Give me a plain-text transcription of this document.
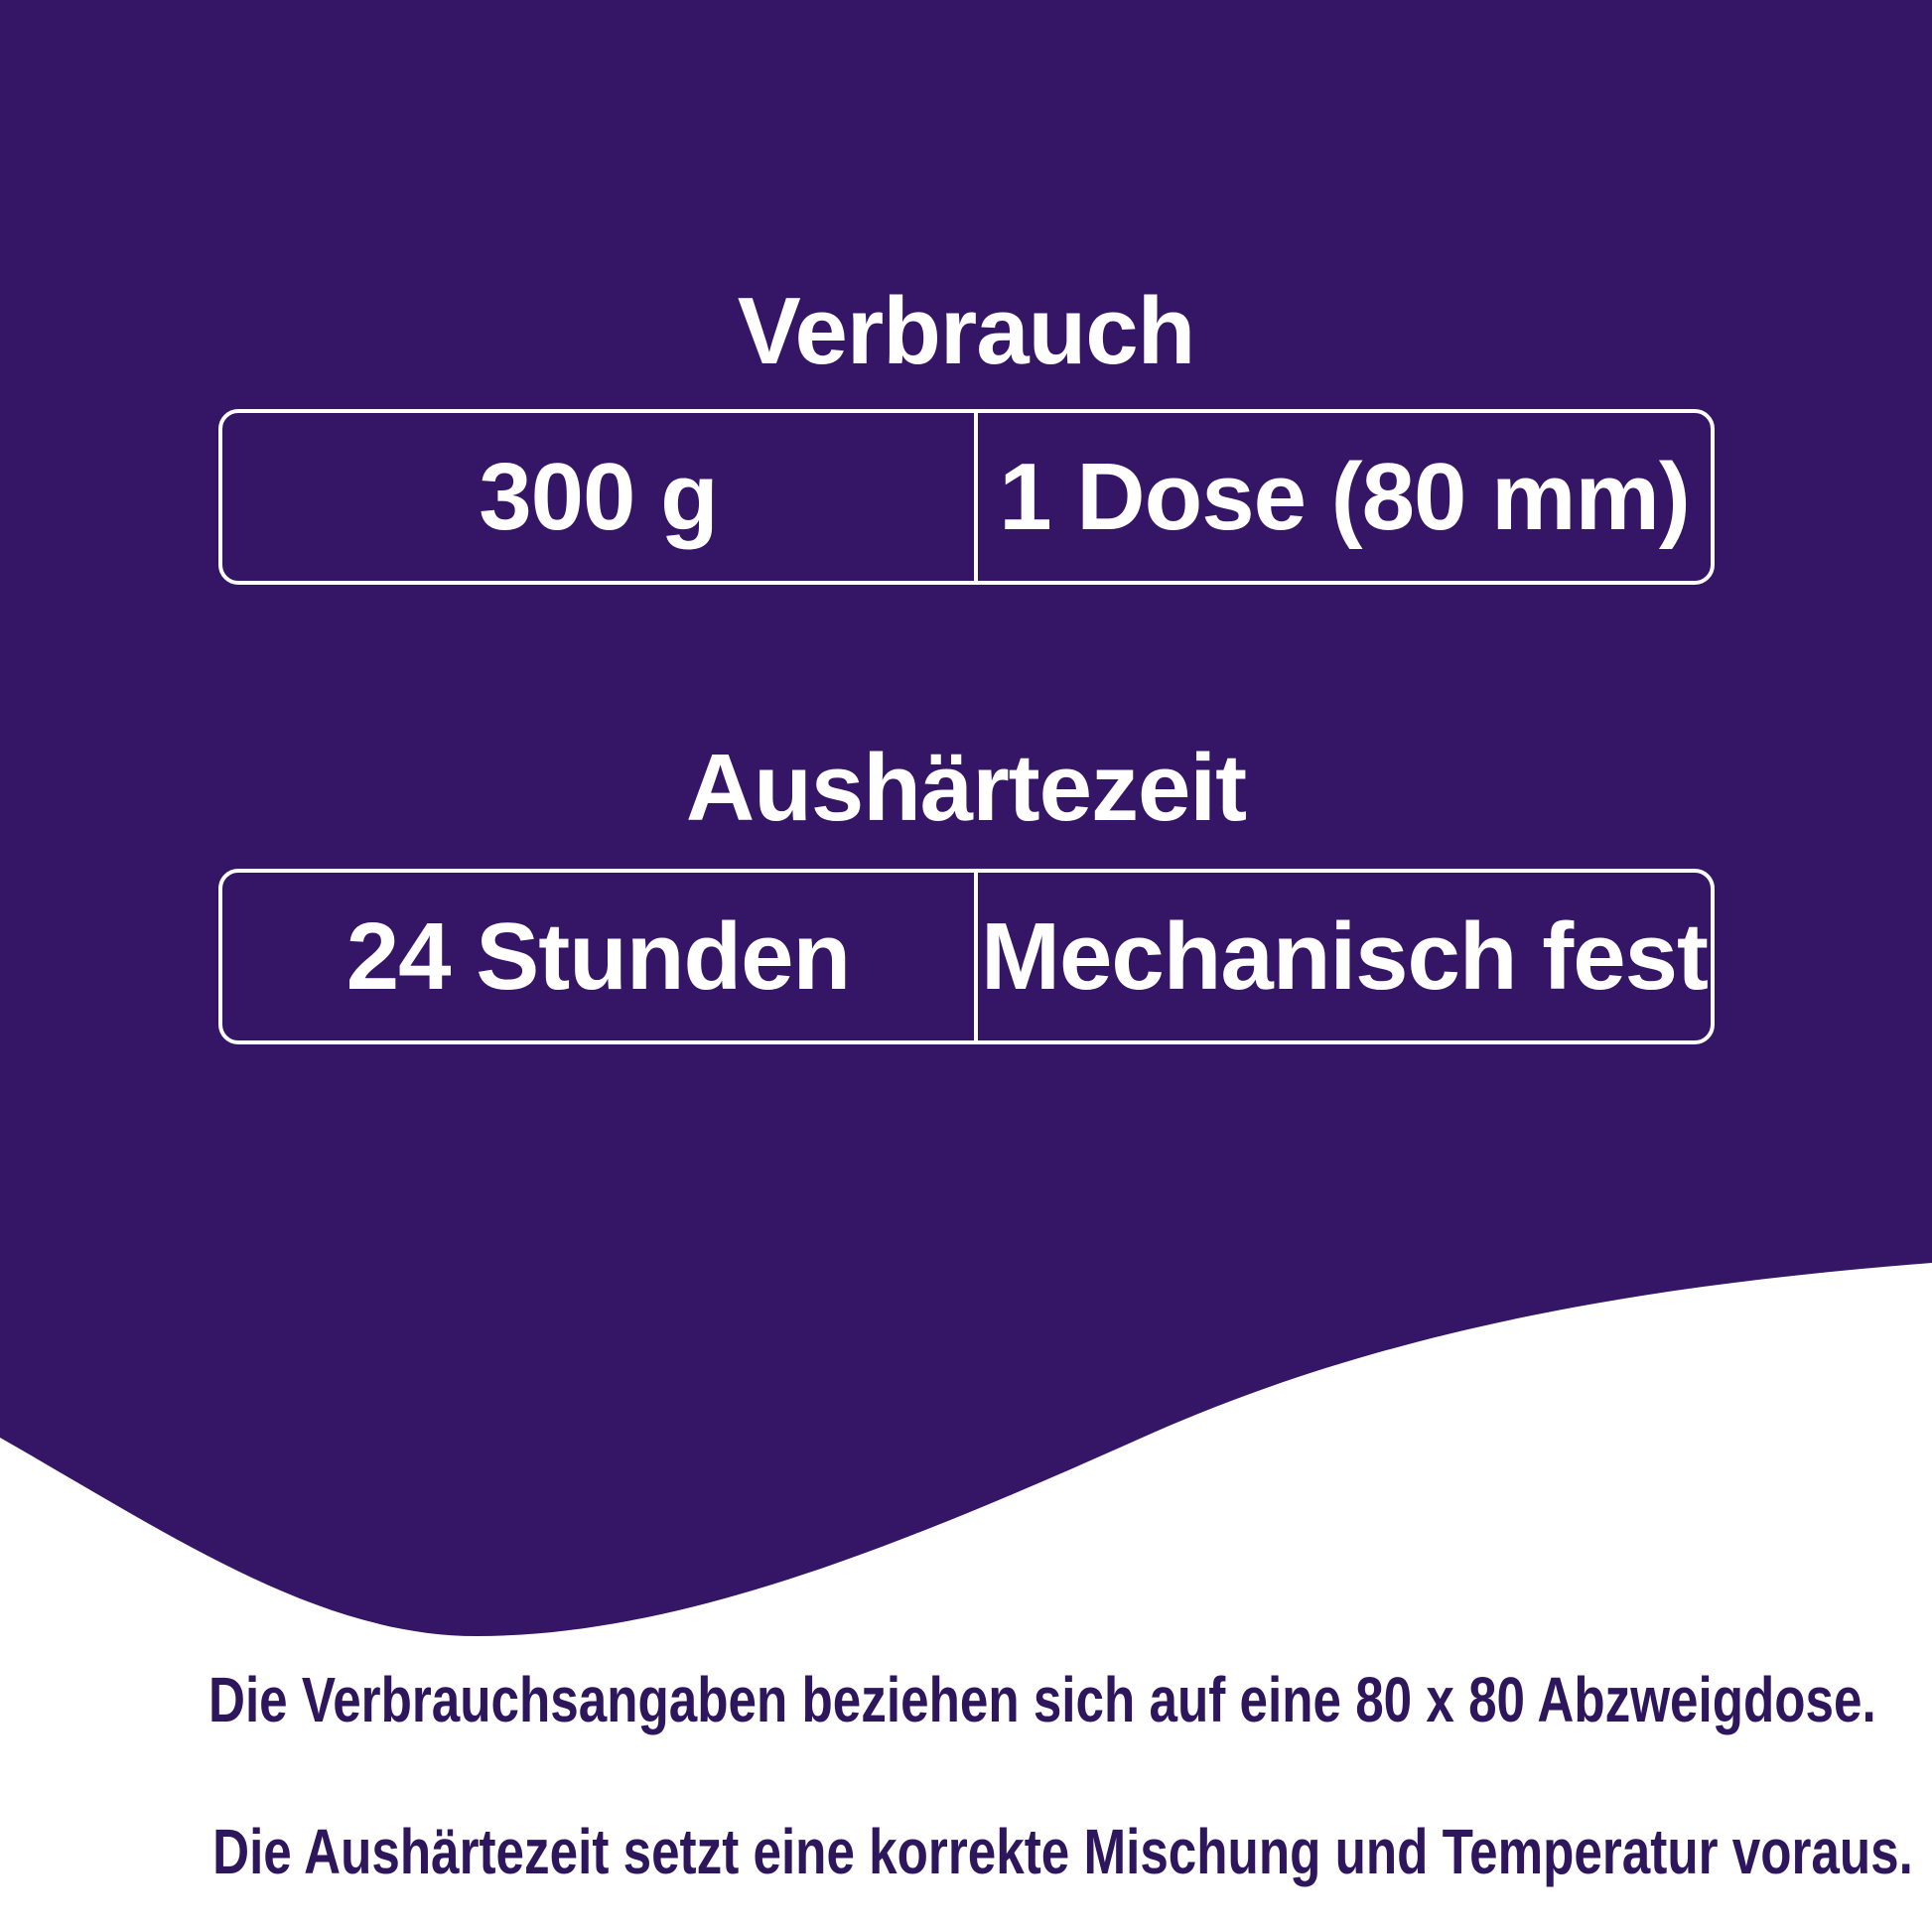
Verbrauch
300 g	1 Dose (80 mm)
Aushärtezeit
24 Stunden	Mechanisch fest
Die Verbrauchsangaben beziehen sich auf eine 80 x 80 Abzweigdose.
Die Aushärtezeit setzt eine korrekte Mischung und Temperatur voraus.
